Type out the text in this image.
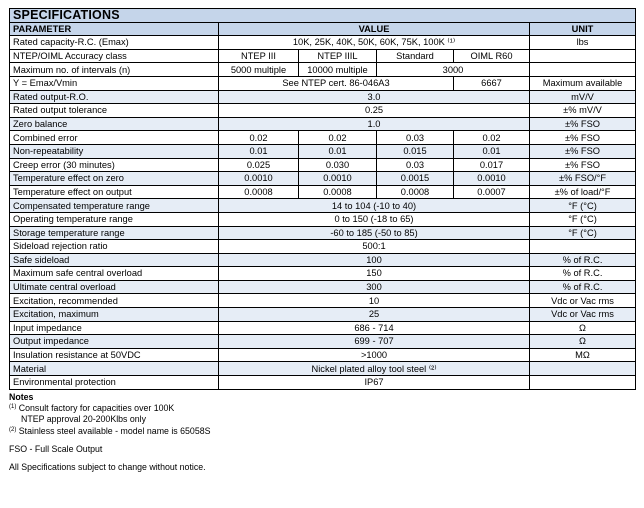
SPECIFICATIONS					
PARAMETER	VALUE				UNIT
Rated capacity-R.C. (Emax)	10K, 25K, 40K, 50K, 60K, 75K, 100K ⁽¹⁾				lbs
NTEP/OIML Accuracy class	NTEP III	NTEP IIIL	Standard	OIML R60	
Maximum no. of intervals (n)	5000 multiple	10000 multiple	3000		
Y = Emax/Vmin	See NTEP cert. 86-046A3			6667	Maximum available
Rated output-R.O.	3.0				mV/V
Rated output tolerance	0.25				±% mV/V
Zero balance	1.0				±% FSO
Combined error	0.02	0.02	0.03	0.02	±% FSO
Non-repeatability	0.01	0.01	0.015	0.01	±% FSO
Creep error (30 minutes)	0.025	0.030	0.03	0.017	±% FSO
Temperature effect on zero	0.0010	0.0010	0.0015	0.0010	±% FSO/°F
Temperature effect on output	0.0008	0.0008	0.0008	0.0007	±% of load/°F
Compensated temperature range	14 to 104 (-10 to 40)				°F (°C)
Operating temperature range	0 to 150 (-18 to 65)				°F (°C)
Storage temperature range	-60 to 185 (-50 to 85)				°F (°C)
Sideload rejection ratio	500:1				
Safe sideload	100				% of R.C.
Maximum safe central overload	150				% of R.C.
Ultimate central overload	300				% of R.C.
Excitation, recommended	10				Vdc or Vac rms
Excitation, maximum	25				Vdc or Vac rms
Input impedance	686 - 714				Ω
Output impedance	699 - 707				Ω
Insulation resistance at 50VDC	>1000				MΩ
Material	Nickel plated alloy tool steel ⁽²⁾				
Environmental protection	IP67				
Notes
$^{(1)}$ Consult factory for capacities over 100K
NTEP approval 20-200Klbs only
$^{(2)}$ Stainless steel available - model name is 65058S
FSO - Full Scale Output
All Specifications subject to change without notice.
